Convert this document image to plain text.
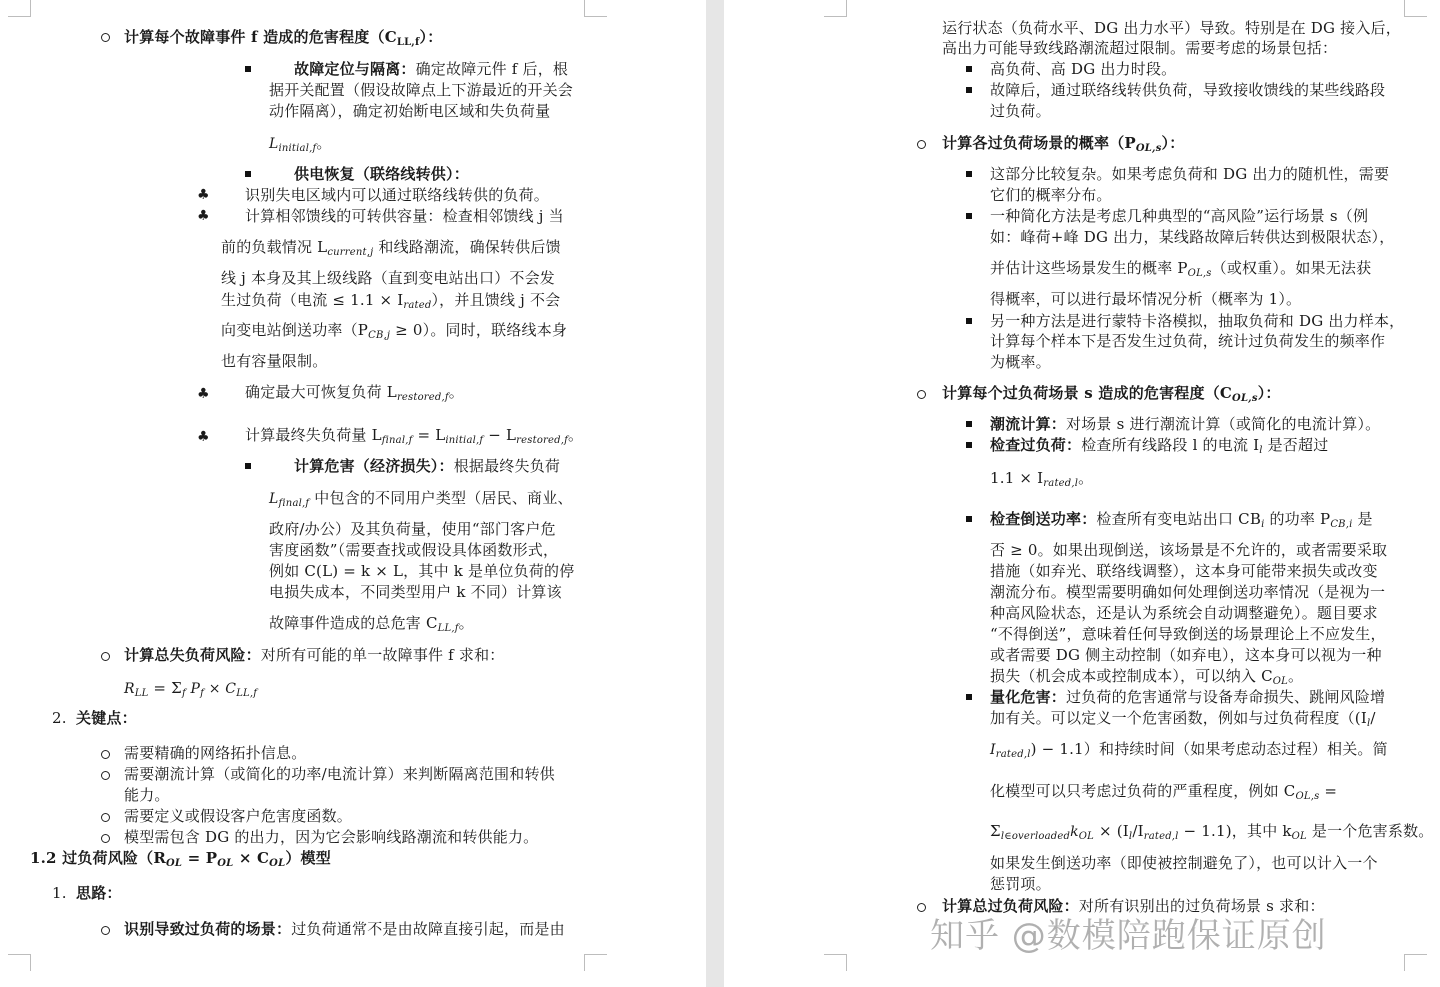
计算每个故障事件 f 造成的危害程度$(C_{LL,f})$：
故障定位与隔离：确定故障元件 f 后，根
据开关配置（假设故障点上下游最近的开关会
动作隔离），确定初始断电区域和失负荷量
$L_{initial,f}$。
供电恢复（联络线转供）：
♣ 识别失电区域内可以通过联络线转供的负荷。
♣ 计算相邻馈线的可转供容量：检查相邻馈线 j 当
前的负载情况 $L_{current,j}$ 和线路潮流，确保转供后馈
线 j 本身及其上级线路（直到变电站出口）不会发
生过负荷（电流 ≤ $1.1 \times I_{rated}$），并且馈线 j 不会
向变电站倒送功率$(P_{CB,j} \ge 0)$。同时，联络线本身
也有容量限制。
♣ 确定最大可恢复负荷 $L_{restored,f}$。
♣ 计算最终失负荷量 $L_{final,f} = L_{initial,f} - L_{restored,f}$。
计算危害（经济损失）：根据最终失负荷
$L_{final,f}$ 中包含的不同用户类型（居民、商业、
政府/办公）及其负荷量，使用“部门客户危
害度函数”（需要查找或假设具体函数形式，
例如 C(L) = k × L，其中 k 是单位负荷的停
电损失成本，不同类型用户 k 不同）计算该
故障事件造成的总危害 $C_{LL,f}$。
计算总失负荷风险：对所有可能的单一故障事件 f 求和：
$R_{LL} = \Sigma_f$ $P_f \times C_{LL,f}$
2. 关键点：
需要精确的网络拓扑信息。
需要潮流计算（或简化的功率/电流计算）来判断隔离范围和转供
能力。
需要定义或假设客户危害度函数。
模型需包含 DG 的出力，因为它会影响线路潮流和转供能力。
1.2 过负荷风险$(R_{OL} = P_{OL} \times C_{OL})$模型
1. 思路：
识别导致过负荷的场景：过负荷通常不是由故障直接引起，而是由
运行状态（负荷水平、DG 出力水平）导致。特别是在 DG 接入后，
高出力可能导致线路潮流超过限制。需要考虑的场景包括：
高负荷、高 DG 出力时段。
故障后，通过联络线转供负荷，导致接收馈线的某些线路段
过负荷。
计算各过负荷场景的概率$(P_{OL,s})$：
这部分比较复杂。如果考虑负荷和 DG 出力的随机性，需要
它们的概率分布。
一种简化方法是考虑几种典型的“高风险”运行场景 s（例
如：峰荷+峰 DG 出力，某线路故障后转供达到极限状态），
并估计这些场景发生的概率 $P_{OL,s}$（或权重）。如果无法获
得概率，可以进行最坏情况分析（概率为 1）。
另一种方法是进行蒙特卡洛模拟，抽取负荷和 DG 出力样本，
计算每个样本下是否发生过负荷，统计过负荷发生的频率作
为概率。
计算每个过负荷场景 s 造成的危害程度$(C_{OL,s})$：
潮流计算：对场景 s 进行潮流计算（或简化的电流计算）。
检查过负荷：检查所有线路段 l 的电流 $I_l$ 是否超过
$1.1 \times I_{rated,l}$。
检查倒送功率：检查所有变电站出口 $CB_i$ 的功率 $P_{CB,i}$ 是
否 ≥ 0。如果出现倒送，该场景是不允许的，或者需要采取
措施（如弃光、联络线调整），这本身可能带来损失或改变
潮流分布。模型需要明确如何处理倒送功率情况（是视为一
种高风险状态，还是认为系统会自动调整避免）。题目要求
“不得倒送”，意味着任何导致倒送的场景理论上不应发生，
或者需要 DG 侧主动控制（如弃电），这本身可以视为一种
损失（机会成本或控制成本），可以纳入 $C_{OL}$。
量化危害：过负荷的危害通常与设备寿命损失、跳闸风险增
加有关。可以定义一个危害函数，例如与过负荷程度（($I_l/$
$I_{rated,l}) - 1.1$）和持续时间（如果考虑动态过程）相关。简
化模型可以只考虑过负荷的严重程度，例如 $C_{OL,s}$ =
$\Sigma_{l\in overloaded}k_{OL} \times (I_l/I_{rated,l} - 1.1)$，其中 $k_{OL}$ 是一个危害系数。
如果发生倒送功率（即使被控制避免了），也可以计入一个
惩罚项。
计算总过负荷风险：对所有识别出的过负荷场景 s 求和：
知乎 @数模陪跑保证原创
